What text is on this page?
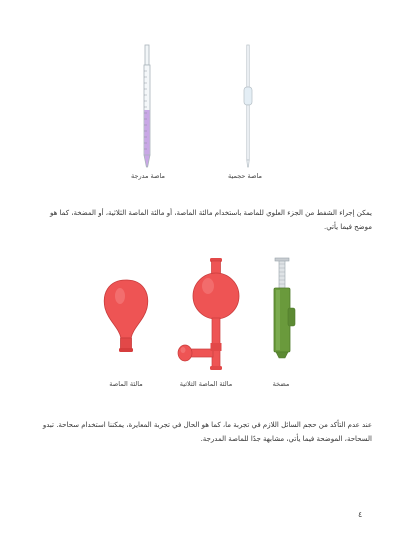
ماصة مدرجة	ماصة حجمية
يمكن إجراء الشفط من الجزء العلوي للماصة باستخدام مالئة الماصة، أو مالئة الماصة الثلاثية، أو المضخة، كما هو موضح فيما يأتي.
مالئة الماصة	مالئة الماصة الثلاثية	مضخة
عند عدم التأكد من حجم السائل اللازم في تجربة ما، كما هو الحال في تجربة المعايرة، يمكننا استخدام سحاحة. تبدو السحاحة، الموضحة فيما يأتي، مشابهة جدًا للماصة المدرجة.
٤
